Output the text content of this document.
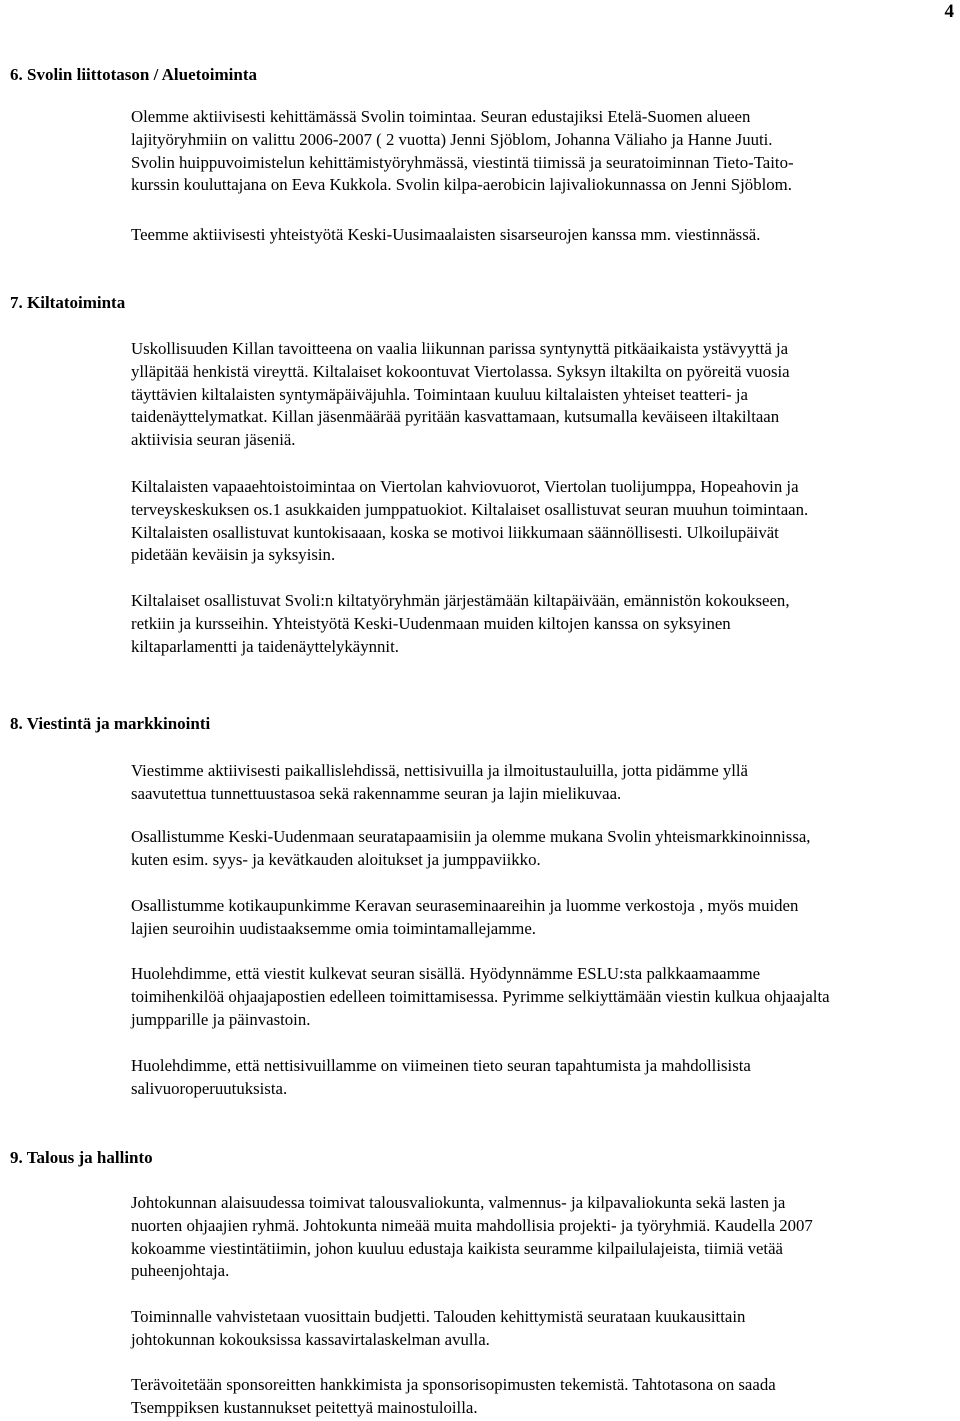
4
6. Svolin liittotason / Aluetoiminta

Olemme aktiivisesti kehittämässä Svolin toimintaa. Seuran edustajiksi Etelä-Suomen alueen
lajityöryhmiin on valittu 2006-2007 ( 2 vuotta) Jenni Sjöblom, Johanna Väliaho ja Hanne Juuti.
Svolin huippuvoimistelun kehittämistyöryhmässä, viestintä tiimissä ja seuratoiminnan Tieto-Taito-
kurssin kouluttajana on Eeva Kukkola. Svolin kilpa-aerobicin lajivaliokunnassa on Jenni Sjöblom.

Teemme aktiivisesti yhteistyötä Keski-Uusimaalaisten sisarseurojen kanssa mm. viestinnässä.

7. Kiltatoiminta

Uskollisuuden Killan tavoitteena on vaalia liikunnan parissa syntynyttä pitkäaikaista ystävyyttä ja
ylläpitää henkistä vireyttä. Kiltalaiset kokoontuvat Viertolassa. Syksyn iltakilta on pyöreitä vuosia
täyttävien kiltalaisten syntymäpäiväjuhla. Toimintaan kuuluu kiltalaisten yhteiset teatteri- ja
taidenäyttelymatkat. Killan jäsenmäärää pyritään kasvattamaan, kutsumalla keväiseen iltakiltaan
aktiivisia seuran jäseniä.

Kiltalaisten vapaaehtoistoimintaa on Viertolan kahviovuorot, Viertolan tuolijumppa, Hopeahovin ja
terveyskeskuksen os.1 asukkaiden jumppatuokiot. Kiltalaiset osallistuvat seuran muuhun toimintaan.
Kiltalaisten osallistuvat kuntokisaaan, koska se motivoi liikkumaan säännöllisesti. Ulkoilupäivät
pidetään keväisin ja syksyisin.

Kiltalaiset osallistuvat Svoli:n kiltatyöryhmän järjestämään kiltapäivään, emännistön kokoukseen,
retkiin ja kursseihin. Yhteistyötä Keski-Uudenmaan muiden kiltojen kanssa on syksyinen
kiltaparlamentti ja taidenäyttelykäynnit.

8. Viestintä ja markkinointi

Viestimme aktiivisesti paikallislehdissä, nettisivuilla ja ilmoitustauluilla, jotta pidämme yllä
saavutettua tunnettuustasoa sekä rakennamme seuran ja lajin mielikuvaa.

Osallistumme Keski-Uudenmaan seuratapaamisiin ja olemme mukana Svolin yhteismarkkinoinnissa,
kuten esim. syys- ja kevätkauden aloitukset ja jumppaviikko.

Osallistumme kotikaupunkimme Keravan seuraseminaareihin ja luomme verkostoja , myös muiden
lajien seuroihin uudistaaksemme omia toimintamallejamme.

Huolehdimme, että viestit kulkevat seuran sisällä. Hyödynnämme ESLU:sta palkkaamaamme
toimihenkilöä ohjaajapostien edelleen toimittamisessa. Pyrimme selkiyttämään viestin kulkua ohjaajalta
jumpparille ja päinvastoin.

Huolehdimme, että nettisivuillamme on viimeinen tieto seuran tapahtumista ja mahdollisista
salivuoroperuutuksista.

9. Talous ja hallinto

Johtokunnan alaisuudessa toimivat talousvaliokunta, valmennus- ja kilpavaliokunta sekä lasten ja
nuorten ohjaajien ryhmä. Johtokunta nimeää muita mahdollisia projekti- ja työryhmiä. Kaudella 2007
kokoamme viestintätiimin, johon kuuluu edustaja kaikista seuramme kilpailulajeista, tiimiä vetää
puheenjohtaja.

Toiminnalle vahvistetaan vuosittain budjetti. Talouden kehittymistä seurataan kuukausittain
johtokunnan kokouksissa kassavirtalaskelman avulla.

Terävoitetään sponsoreitten hankkimista ja sponsorisopimusten tekemistä. Tahtotasona on saada
Tsemppiksen kustannukset peitettyä mainostuloilla.
